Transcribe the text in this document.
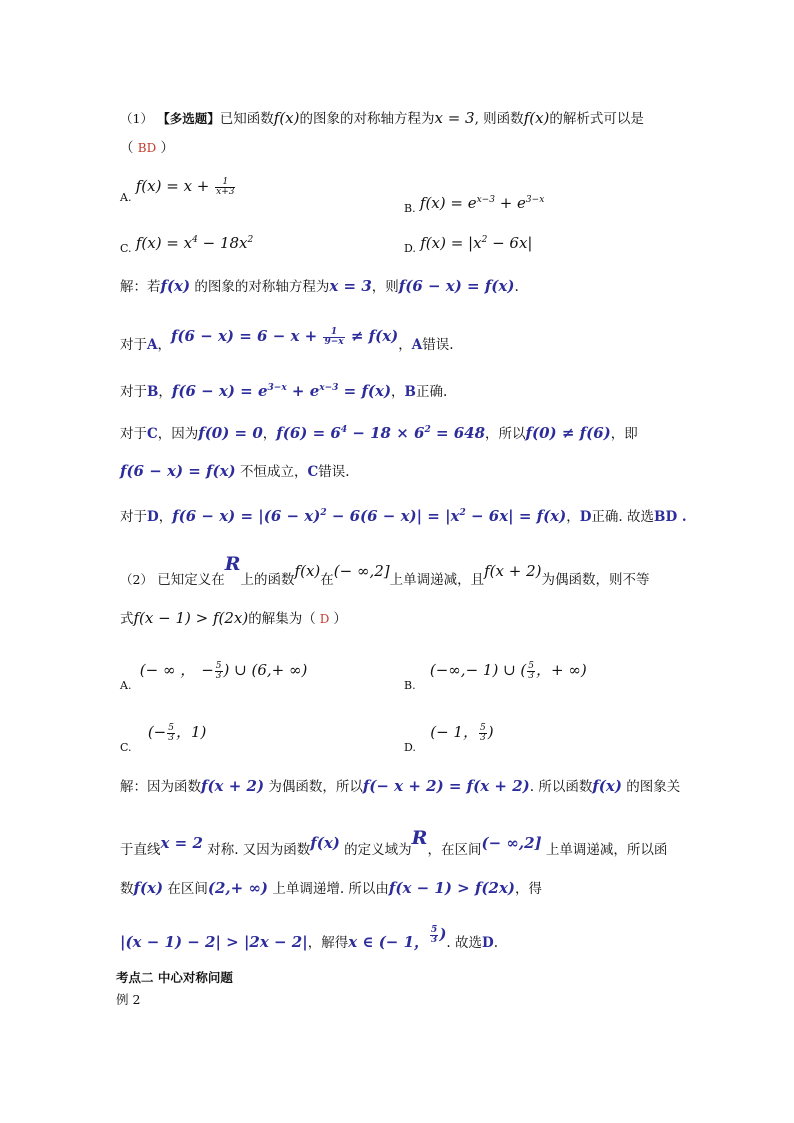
（1） 【多选题】已知函数f(x)的图象的对称轴方程为x = 3, 则函数f(x)的解析式可以是
（ BD ）
$_{A.}$ $f(x) = x + \frac{1}{x+3}$
$_{B.}$ $f(x) = e^{x-3} + e^{3-x}$
$_{C.}$ $f(x) = x^4 - 18x^2$
$_{D.}$ $f(x) = |x^2 - 6x|$
解：若f(x) 的图象的对称轴方程为x = 3，则f(6 − x) = f(x).
对于A，$f(6 - x) = 6 - x + \frac{1}{9-x} \ne f(x)$，A错误.
对于B，$f(6 - x) = e^{3-x} + e^{x-3} = f(x)$，B正确.
对于C，因为f(0) = 0，$f(6) = 6^4 - 18 \times 6^2 = 648$，所以f(0) ≠ f(6)，即
f(6 − x) = f(x) 不恒成立，C错误.
对于D，$f(6 - x) = |(6 - x)^2 - 6(6 - x)| = |x^2 - 6x| = f(x)$，D正确. 故选BD .
（2） 已知定义在R上的函数f(x)在(− ∞,2]上单调递减，且f(x + 2)为偶函数，则不等
式f(x − 1) > f(2x)的解集为（ D ）
$_{A.}$ (− ∞ ， − $\frac{5}{3}$ ) ∪ (6,+ ∞)
$_{B.}$ (−∞,− 1) ∪ ( $\frac{5}{3}$ ，+ ∞)
$_{C.}$ (− $\frac{5}{3}$ ，1)
$_{D.}$ (− 1， $\frac{5}{3}$ )
解：因为函数f(x + 2) 为偶函数，所以f(− x + 2) = f(x + 2). 所以函数f(x) 的图象关
于直线x = 2 对称. 又因为函数f(x) 的定义域为R，在区间(− ∞,2] 上单调递减，所以函
数f(x) 在区间(2,+ ∞) 上单调递增. 所以由f(x − 1) > f(2x)，得
|(x − 1) − 2| > |2x − 2|，解得x ∈ (− 1， $\frac{5}{3}$ ). 故选D.
考点二 中心对称问题
例 2
